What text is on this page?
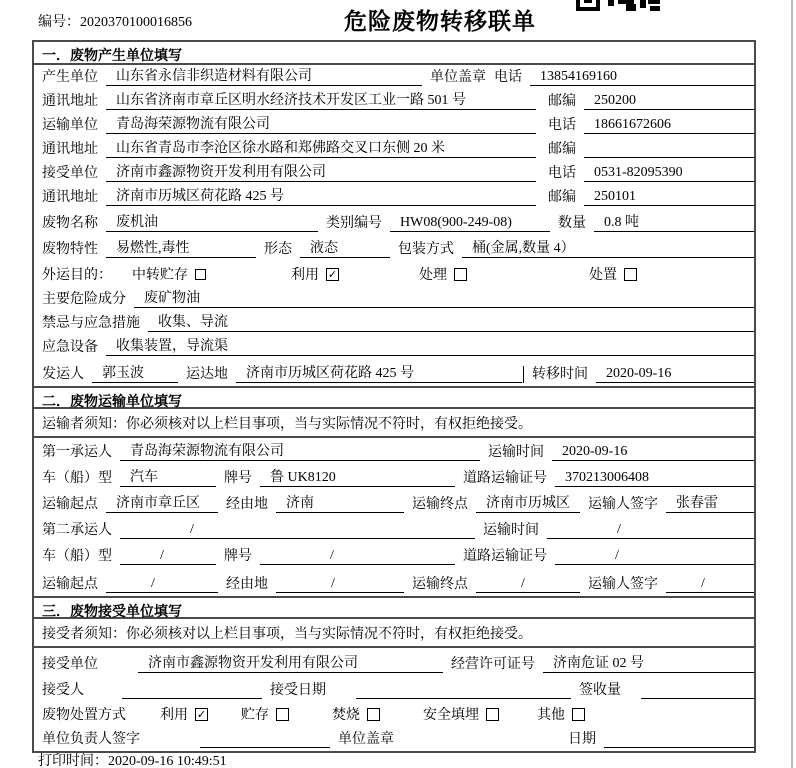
编号：2020370100016856	危险废物转移联单
一．废物产生单位填写
产生单位	山东省永信非织造材料有限公司	单位盖章 电话	13854169160
通讯地址	山东省济南市章丘区明水经济技术开发区工业一路 501 号	邮编	250200
运输单位	青岛海荣源物流有限公司	电话	18661672606
通讯地址	山东省青岛市李沧区徐水路和郑佛路交叉口东侧 20 米	邮编
接受单位	济南市鑫源物资开发利用有限公司	电话	0531-82095390
通讯地址	济南市历城区荷花路 425 号	邮编	250101
废物名称	废机油	类别编号	HW08(900-249-08)	数量	0.8 吨
废物特性	易燃性,毒性	形态	液态	包装方式	桶(金属,数量 4）
外运目的： 中转贮存	利用 ✓	处理	处置
主要危险成分	废矿物油
禁忌与应急措施	收集、导流
应急设备	收集装置，导流渠
发运人	郭玉波	运达地	济南市历城区荷花路 425 号	转移时间	2020-09-16
二．废物运输单位填写
运输者须知：你必须核对以上栏目事项，当与实际情况不符时，有权拒绝接受。
第一承运人	青岛海荣源物流有限公司	运输时间	2020-09-16
车（船）型	汽车	牌号	鲁 UK8120	道路运输证号	370213006408
运输起点	济南市章丘区	经由地	济南	运输终点	济南市历城区	运输人签字	张春雷
第二承运人	/	运输时间	/
车（船）型	/	牌号	/	道路运输证号	/
运输起点	/	经由地	/	运输终点	/	运输人签字	/
三．废物接受单位填写
接受者须知：你必须核对以上栏目事项，当与实际情况不符时，有权拒绝接受。
接受单位	济南市鑫源物资开发利用有限公司	经营许可证号	济南危证 02 号
接受人	接受日期	签收量
废物处置方式 利用 ✓ 贮存	焚烧	安全填埋	其他
单位负责人签字	单位盖章	日期
打印时间：2020-09-16 10:49:51
